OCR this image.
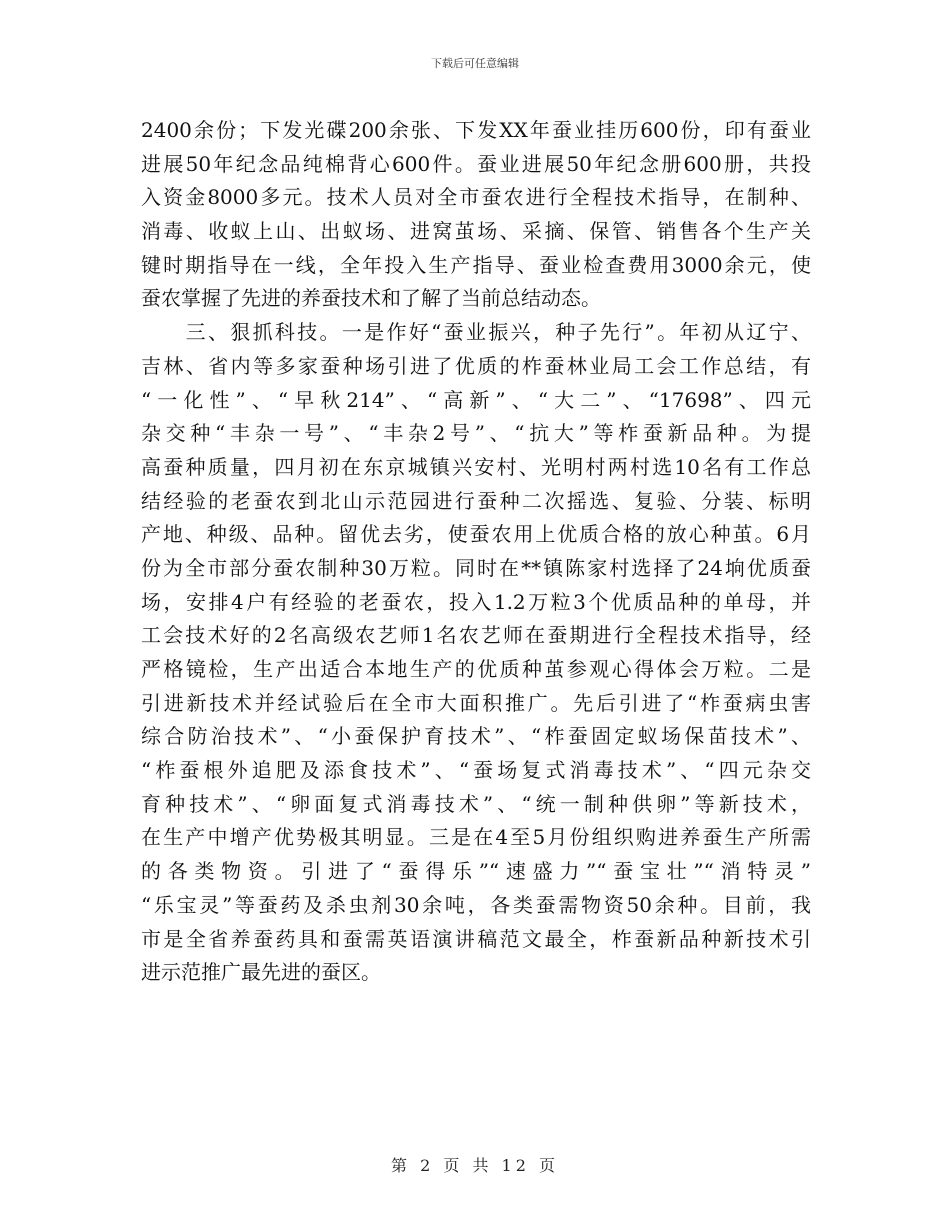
下载后可任意编辑
2400余份；下发光碟200余张、下发XX年蚕业挂历600份，印有蚕业
进展50年纪念品纯棉背心600件。蚕业进展50年纪念册600册，共投
入资金8000多元。技术人员对全市蚕农进行全程技术指导，在制种、
消毒、收蚁上山、出蚁场、进窝茧场、采摘、保管、销售各个生产关
键时期指导在一线，全年投入生产指导、蚕业检查费用3000余元，使
蚕农掌握了先进的养蚕技术和了解了当前总结动态。
　　三、狠抓科技。一是作好“蚕业振兴，种子先行”。年初从辽宁、
吉林、省内等多家蚕种场引进了优质的柞蚕林业局工会工作总结，有
“一化性”、“早秋214”、“高新”、“大二”、“17698”、四元
杂交种“丰杂一号”、“丰杂2号”、“抗大”等柞蚕新品种。为提
高蚕种质量，四月初在东京城镇兴安村、光明村两村选10名有工作总
结经验的老蚕农到北山示范园进行蚕种二次摇选、复验、分装、标明
产地、种级、品种。留优去劣，使蚕农用上优质合格的放心种茧。6月
份为全市部分蚕农制种30万粒。同时在**镇陈家村选择了24垧优质蚕
场，安排4户有经验的老蚕农，投入1.2万粒3个优质品种的单母，并
工会技术好的2名高级农艺师1名农艺师在蚕期进行全程技术指导，经
严格镜检，生产出适合本地生产的优质种茧参观心得体会万粒。二是
引进新技术并经试验后在全市大面积推广。先后引进了“柞蚕病虫害
综合防治技术”、“小蚕保护育技术”、“柞蚕固定蚁场保苗技术”、
“柞蚕根外追肥及添食技术”、“蚕场复式消毒技术”、“四元杂交
育种技术”、“卵面复式消毒技术”、“统一制种供卵”等新技术，
在生产中增产优势极其明显。三是在4至5月份组织购进养蚕生产所需
的各类物资。引进了“蚕得乐”“速盛力”“蚕宝壮”“消特灵”
“乐宝灵”等蚕药及杀虫剂30余吨，各类蚕需物资50余种。目前，我
市是全省养蚕药具和蚕需英语演讲稿范文最全，柞蚕新品种新技术引
进示范推广最先进的蚕区。
第 2 页 共 12 页
